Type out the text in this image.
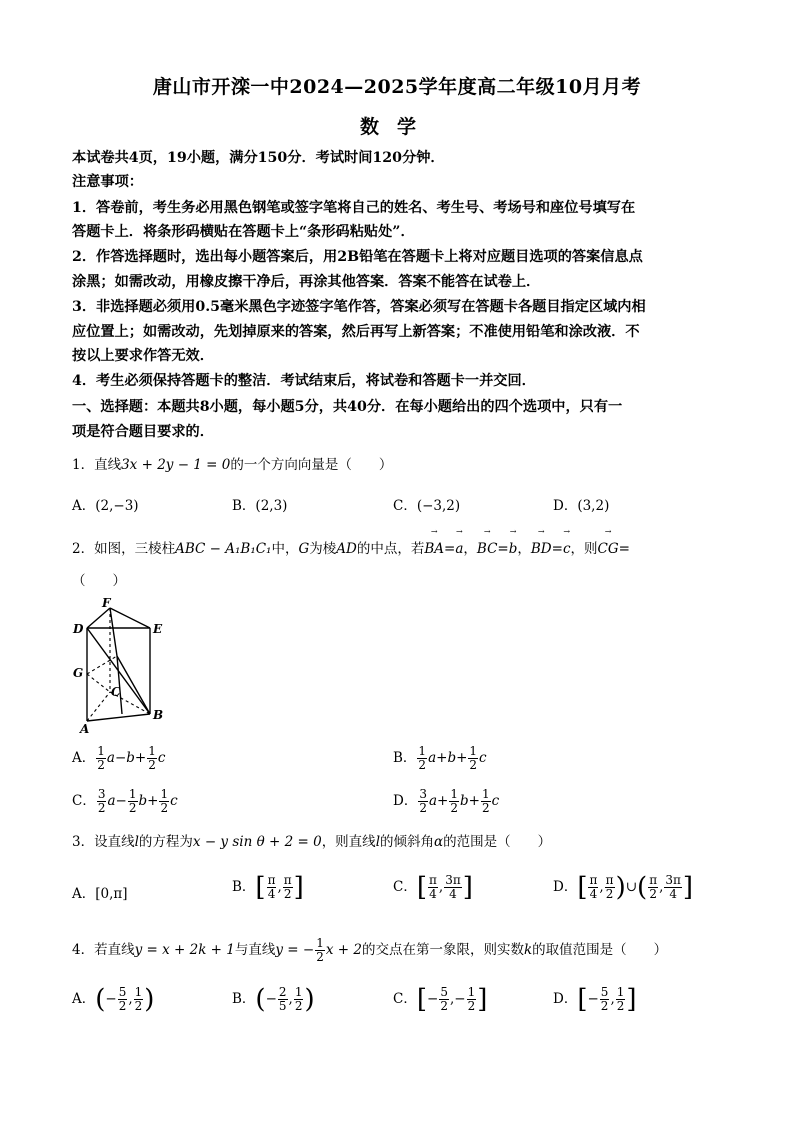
唐山市开滦一中2024—2025学年度高二年级10月月考
数学
本试卷共4页，19小题，满分150分．考试时间120分钟．
注意事项：
1．答卷前，考生务必用黑色钢笔或签字笔将自己的姓名、考生号、考场号和座位号填写在
答题卡上．将条形码横贴在答题卡上“条形码粘贴处”．
2．作答选择题时，选出每小题答案后，用2B铅笔在答题卡上将对应题目选项的答案信息点
涂黑；如需改动，用橡皮擦干净后，再涂其他答案．答案不能答在试卷上．
3．非选择题必须用0.5毫米黑色字迹签字笔作答，答案必须写在答题卡各题目指定区域内相
应位置上；如需改动，先划掉原来的答案，然后再写上新答案；不准使用铅笔和涂改液．不
按以上要求作答无效．
4．考生必须保持答题卡的整洁．考试结束后，将试卷和答题卡一并交回．
一、选择题：本题共8小题，每小题5分，共40分．在每小题给出的四个选项中，只有一
项是符合题目要求的．
1．直线3x + 2y − 1 = 0的一个方向向量是（　　）
A．(2,−3)	B．(2,3)	C．(−3,2)	D．(3,2)
2．如图，三棱柱ABC − A₁B₁C₁中，G为棱AD的中点，若
→
BA=
→
a，
→
BC=
→
b，
→
BD=
→
c，则
→
CG=
（　　）
F
D	E
G
C
A
B
A． $\frac{1}{2} a-b+ \frac{1}{2}$ c	B． $\frac{1}{2} a+b+ \frac{1}{2}$ c
C． $\frac{3}{2} a- \frac{1}{2} b+ \frac{1}{2}$ c	D． $\frac{3}{2} a+ \frac{1}{2} b+ \frac{1}{2}$ c
3．设直线l的方程为x − y sin θ + 2 = 0，则直线l的倾斜角α的范围是（　　）
A．[0,π]	B．[ $\frac{\pi}{4}$ , $\frac{\pi}{2}$ ]	C．[ $\frac{\pi}{4}$ , $\frac{3\pi}{4}$ ]	D．[ $\frac{\pi}{4}$ , $\frac{\pi}{2}$ )∪( $\frac{\pi}{2}$ , $\frac{3\pi}{4}$ ]
4．若直线y = x + 2k + 1与直线y = − $\frac{1}{2}$ x + 2的交点在第一象限，则实数k的取值范围是（　　）
A．(− $\frac{5}{2}$ , $\frac{1}{2}$ )	B．(− $\frac{2}{5}$ , $\frac{1}{2}$ )	C．[− $\frac{5}{2}$ ,− $\frac{1}{2}$ ]	D．[− $\frac{5}{2}$ , $\frac{1}{2}$ ]
